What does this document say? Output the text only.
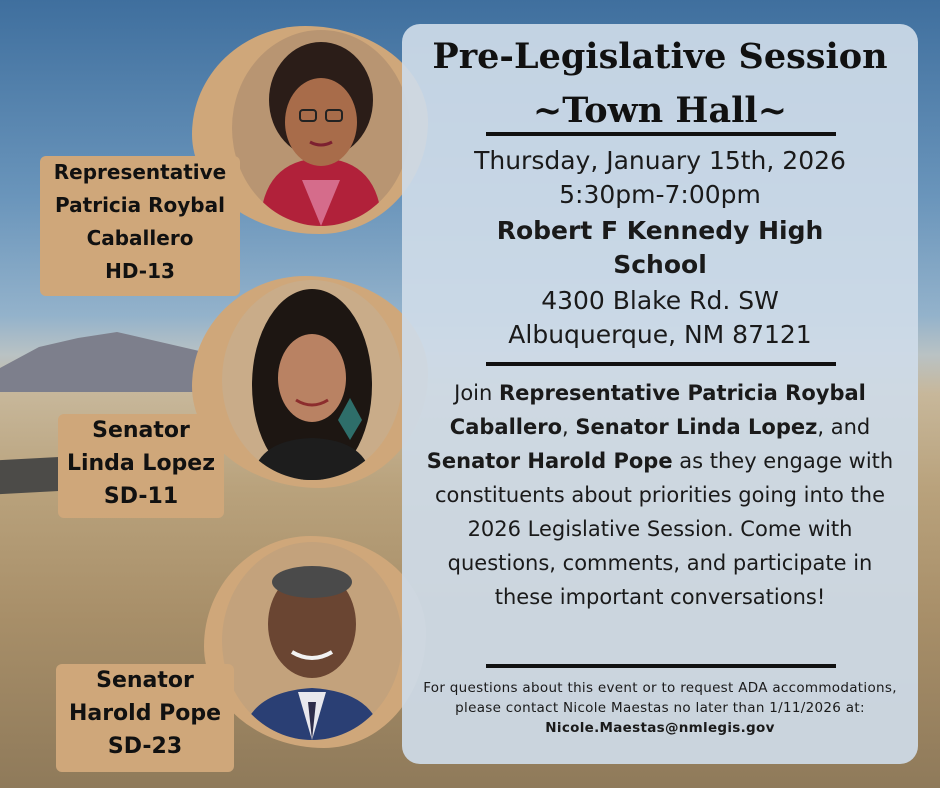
Representative
Patricia Roybal
Caballero
HD-13
Senator
Linda Lopez
SD-11
Senator
Harold Pope
SD-23
Pre-Legislative Session
~Town Hall~
Thursday, January 15th, 2026
5:30pm-7:00pm
Robert F Kennedy High
School
4300 Blake Rd. SW
Albuquerque, NM 87121
Join Representative Patricia Roybal Caballero, Senator Linda Lopez, and Senator Harold Pope as they engage with constituents about priorities going into the 2026 Legislative Session. Come with questions, comments, and participate in these important conversations!
For questions about this event or to request ADA accommodations, please contact Nicole Maestas no later than 1/11/2026 at: Nicole.Maestas@nmlegis.gov
